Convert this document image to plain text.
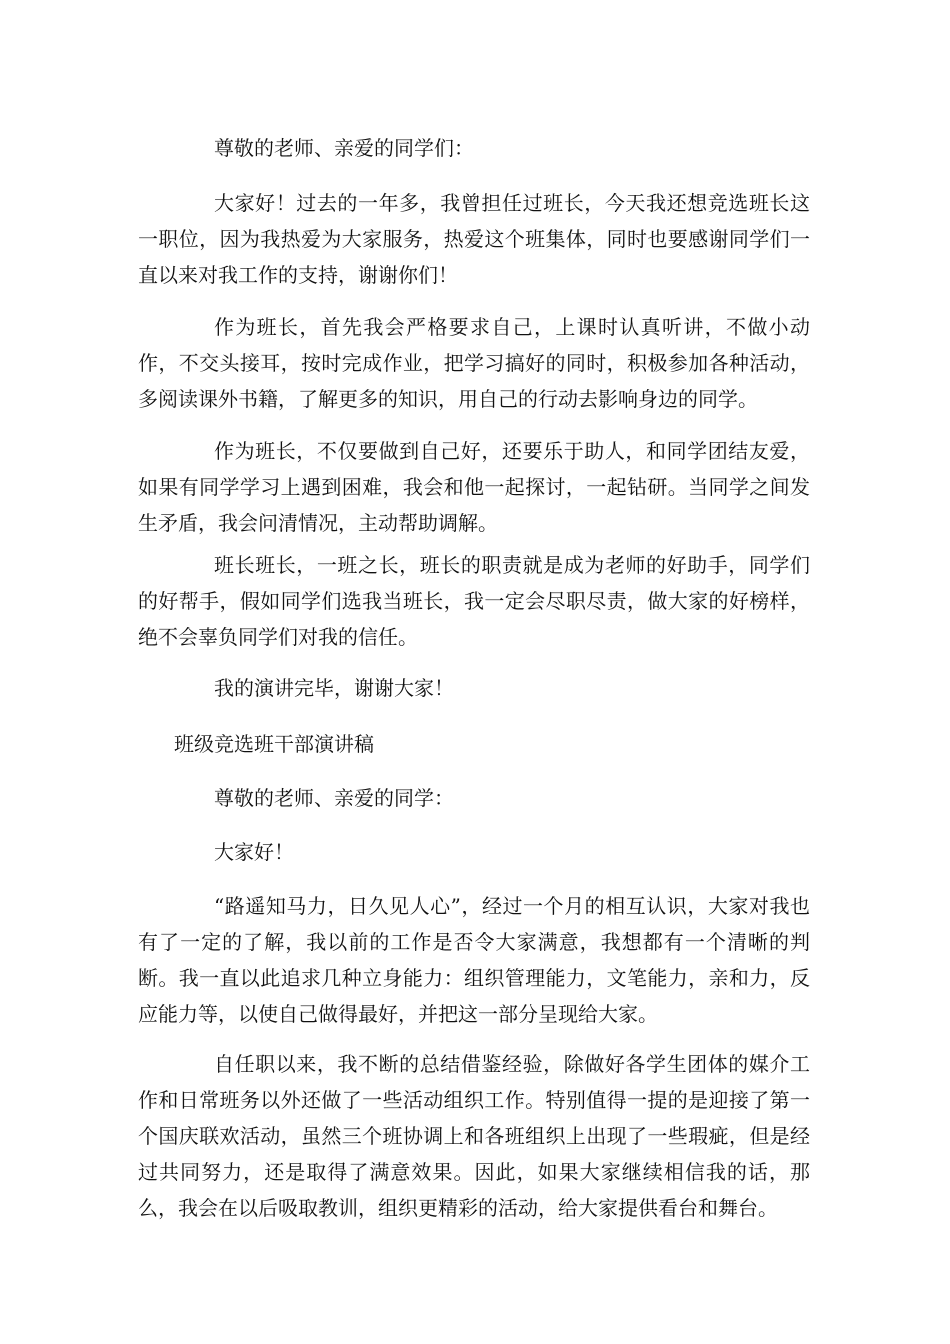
尊敬的老师、亲爱的同学们：

大家好！过去的一年多，我曾担任过班长，今天我还想竞选班长这一职位，因为我热爱为大家服务，热爱这个班集体，同时也要感谢同学们一直以来对我工作的支持，谢谢你们！

作为班长，首先我会严格要求自己，上课时认真听讲，不做小动作，不交头接耳，按时完成作业，把学习搞好的同时，积极参加各种活动，多阅读课外书籍，了解更多的知识，用自己的行动去影响身边的同学。

作为班长，不仅要做到自己好，还要乐于助人，和同学团结友爱，如果有同学学习上遇到困难，我会和他一起探讨，一起钻研。当同学之间发生矛盾，我会问清情况，主动帮助调解。

班长班长，一班之长，班长的职责就是成为老师的好助手，同学们的好帮手，假如同学们选我当班长，我一定会尽职尽责，做大家的好榜样，绝不会辜负同学们对我的信任。

我的演讲完毕，谢谢大家！

班级竞选班干部演讲稿

尊敬的老师、亲爱的同学：

大家好！

“路遥知马力，日久见人心”，经过一个月的相互认识，大家对我也有了一定的了解，我以前的工作是否令大家满意，我想都有一个清晰的判断。我一直以此追求几种立身能力：组织管理能力，文笔能力，亲和力，反应能力等，以使自己做得最好，并把这一部分呈现给大家。

自任职以来，我不断的总结借鉴经验，除做好各学生团体的媒介工作和日常班务以外还做了一些活动组织工作。特别值得一提的是迎接了第一个国庆联欢活动，虽然三个班协调上和各班组织上出现了一些瑕疵，但是经过共同努力，还是取得了满意效果。因此，如果大家继续相信我的话，那么，我会在以后吸取教训，组织更精彩的活动，给大家提供看台和舞台。
